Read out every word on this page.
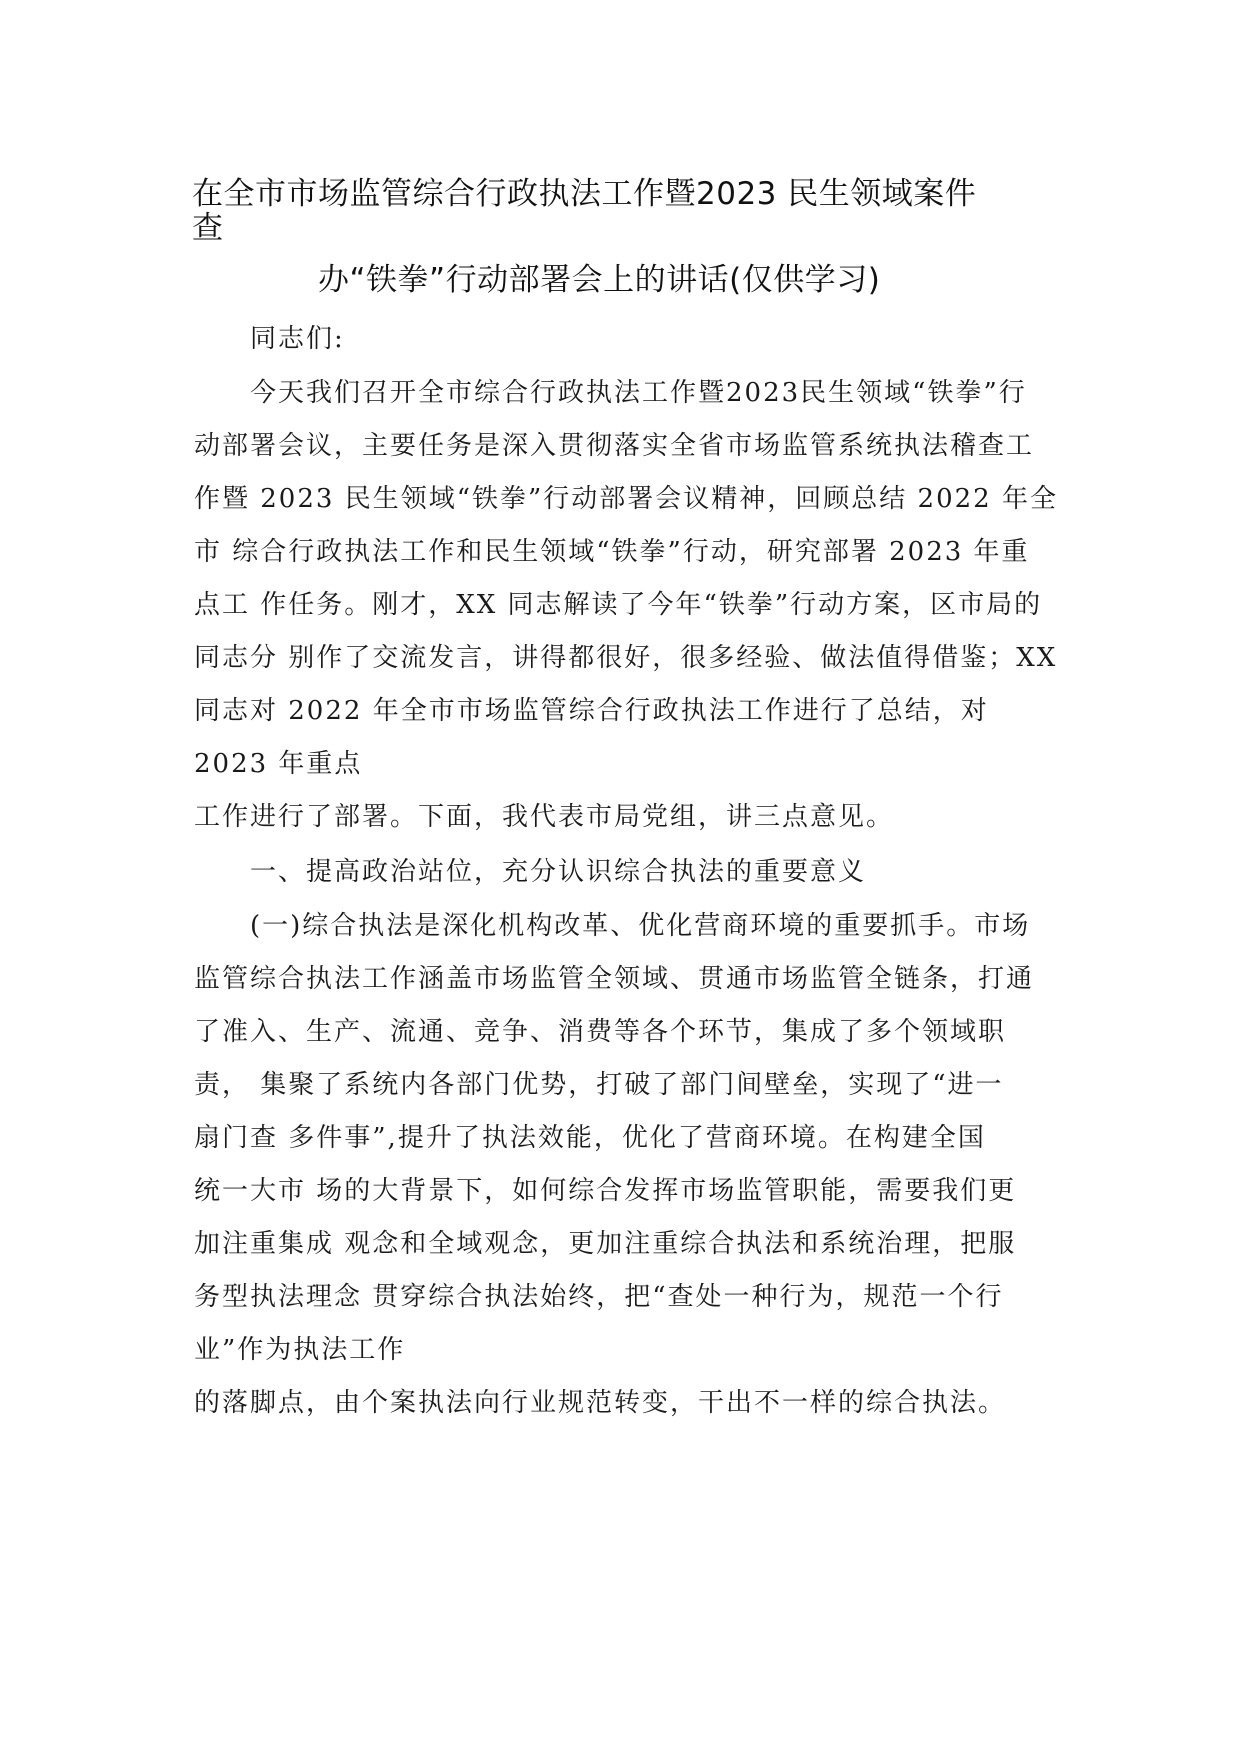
在全市市场监管综合行政执法工作暨2023 民生领域案件
查
办“铁拳”行动部署会上的讲话(仅供学习)
同志们:
今天我们召开全市综合行政执法工作暨2023民生领域“铁拳”行
动部署会议，主要任务是深入贯彻落实全省市场监管系统执法稽查工
作暨 2023 民生领域“铁拳”行动部署会议精神，回顾总结 2022 年全
市 综合行政执法工作和民生领域“铁拳”行动，研究部署 2023 年重
点工 作任务。刚才，XX 同志解读了今年“铁拳”行动方案，区市局的
同志分 别作了交流发言，讲得都很好，很多经验、做法值得借鉴；XX
同志对 2022 年全市市场监管综合行政执法工作进行了总结，对
2023 年重点
工作进行了部署。下面，我代表市局党组，讲三点意见。
一、提高政治站位，充分认识综合执法的重要意义
(一)综合执法是深化机构改革、优化营商环境的重要抓手。市场
监管综合执法工作涵盖市场监管全领域、贯通市场监管全链条，打通
了准入、生产、流通、竞争、消费等各个环节，集成了多个领域职
责， 集聚了系统内各部门优势，打破了部门间壁垒，实现了“进一
扇门查 多件事”,提升了执法效能，优化了营商环境。在构建全国
统一大市 场的大背景下，如何综合发挥市场监管职能，需要我们更
加注重集成 观念和全域观念，更加注重综合执法和系统治理，把服
务型执法理念 贯穿综合执法始终，把“查处一种行为，规范一个行
业”作为执法工作
的落脚点，由个案执法向行业规范转变，干出不一样的综合执法。
